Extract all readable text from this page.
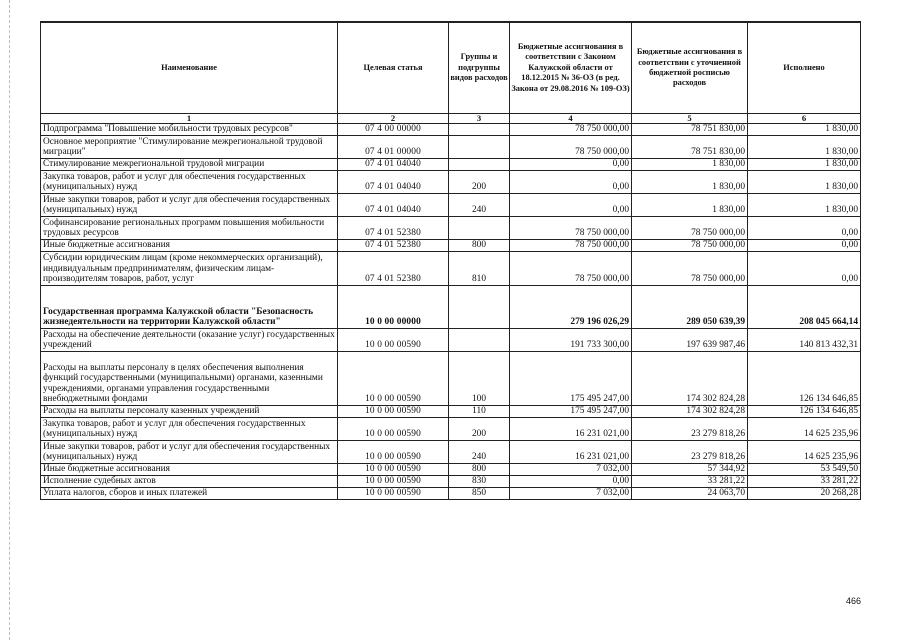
Наименование	Целевая статья	Группы и подгруппы видов расходов	Бюджетные ассигнования в соответствии с Законом Калужской области от 18.12.2015 № 36-ОЗ (в ред. Закона от 29.08.2016 № 109-ОЗ)	Бюджетные ассигнования в соответствии с уточненной бюджетной росписью расходов	Исполнено
1	2	3	4	5	6
Подпрограмма "Повышение мобильности трудовых ресурсов"	07 4 00 00000		78 750 000,00	78 751 830,00	1 830,00
Основное мероприятие "Стимулирование межрегиональной трудовой миграции"	07 4 01 00000		78 750 000,00	78 751 830,00	1 830,00
Стимулирование межрегиональной трудовой миграции	07 4 01 04040		0,00	1 830,00	1 830,00
Закупка товаров, работ и услуг для обеспечения государственных (муниципальных) нужд	07 4 01 04040	200	0,00	1 830,00	1 830,00
Иные закупки товаров, работ и услуг для обеспечения государственных (муниципальных) нужд	07 4 01 04040	240	0,00	1 830,00	1 830,00
Софинансирование региональных программ повышения мобильности трудовых ресурсов	07 4 01 52380		78 750 000,00	78 750 000,00	0,00
Иные бюджетные ассигнования	07 4 01 52380	800	78 750 000,00	78 750 000,00	0,00
Субсидии юридическим лицам (кроме некоммерческих организаций), индивидуальным предпринимателям, физическим лицам-производителям товаров, работ, услуг	07 4 01 52380	810	78 750 000,00	78 750 000,00	0,00
Государственная программа Калужской области "Безопасность жизнедеятельности на территории Калужской области"	10 0 00 00000		279 196 026,29	289 050 639,39	208 045 664,14
Расходы на обеспечение деятельности (оказание услуг) государственных учреждений	10 0 00 00590		191 733 300,00	197 639 987,46	140 813 432,31
Расходы на выплаты персоналу в целях обеспечения выполнения функций государственными (муниципальными) органами, казенными учреждениями, органами управления государственными внебюджетными фондами	10 0 00 00590	100	175 495 247,00	174 302 824,28	126 134 646,85
Расходы на выплаты персоналу казенных учреждений	10 0 00 00590	110	175 495 247,00	174 302 824,28	126 134 646,85
Закупка товаров, работ и услуг для обеспечения государственных (муниципальных) нужд	10 0 00 00590	200	16 231 021,00	23 279 818,26	14 625 235,96
Иные закупки товаров, работ и услуг для обеспечения государственных (муниципальных) нужд	10 0 00 00590	240	16 231 021,00	23 279 818,26	14 625 235,96
Иные бюджетные ассигнования	10 0 00 00590	800	7 032,00	57 344,92	53 549,50
Исполнение судебных актов	10 0 00 00590	830	0,00	33 281,22	33 281,22
Уплата налогов, сборов и иных платежей	10 0 00 00590	850	7 032,00	24 063,70	20 268,28
466
